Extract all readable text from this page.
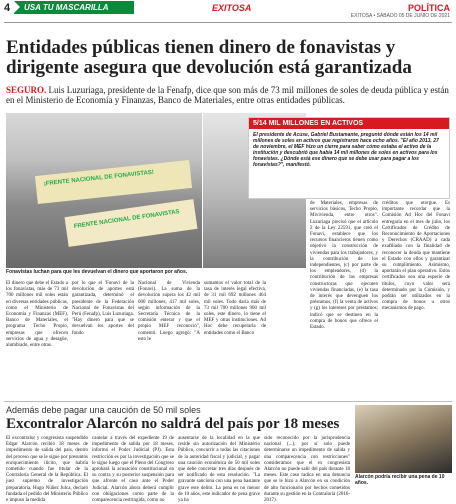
4	USA TU MASCARILLA	EXITOSA	POLÍTICA
EXITOSA • SÁBADO 05 DE JUNIO DE 2021
Entidades públicas tienen dinero de fonavistas y dirigente asegura que devolución está garantizada

SEGURO. Luis Luzuriaga, presidente de la Fenafp, dice que son más de 73 mil millones de soles de deuda pública y están en el Ministerio de Economía y Finanzas, Banco de Materiales, entre otras entidades públicas.

¡FRENTE NACIONAL DE FONAVISTAS!
FRENTE NACIONAL DE FONAVISTAS
Fonavistas luchan para que les devuelvan el dinero que aportaron por años.
5/14 MIL MILLONES EN ACTIVOS
El presidente de Acuse, Gabriel Bustamante, preguntó dónde están los 14 mil millones de soles en activos que registraron hace ocho años. "El año 2013, 27 de noviembre, el MEF hizo un cierre para saber cómo estaba el activo de la institución y descubrió que había 14 mil millones de soles en activos para los fonavistas. ¿Dónde está ese dinero que se debe usar para pagar a los fonavistas?", manifestó.
El dinero que debe el Estado a los fonavistas, más de 73 mil 700 millones mil soles están en diversas entidades públicas, como el Ministerio de Economía y Finanzas (MEF), Banco de Materiales, el programa Techo Propio, empresas que ofrecen servicios de agua y desagüe, alumbrado, entre otras.
por lo que el 'Fonavi de la devolución de aportes está garantizada, determinó el presidente de la Federación Nacional de Fonavistas del Perú (Fenafp), Luis Luzuriaga. "Hay dinero para que se devuelvan los aportes del fondo
Nacional de Vivienda (Fonavi). La suma de la devolución supera los 42 mil 000 millones; 417 mil soles, según información de la Secretaría Técnica de la comisión enterar y que el propio MEF reconoció", comentó. Luego agregó: "A esto le
sumamos el valor total de la tasa de interés legal efectiva, de 31 mil 692 millones 464 mil soles. Todo daría más de 73 mil 700 millones 900 mil soles, este dinero, lo tiene el MEF y otras instituciones. Ad Hoc debe recuperarla de entidades como el Banco
de Materiales, empresas de servicios básicos, Techo Propio, Mivivienda, entre otros". Luzuriaga precisó que el artículo 2 de la Ley 22591, que creó el Fonavi, establece que los recursos financieros tienen como objetivo la construcción de viviendas para los trabajadores, y la contribución de los independientes, (c) por parte de los empleadores, (d) la contribución de las empresas constructoras que ejecuten viviendas financiadas, (e) la tasa de interés que devenguen los préstamos, (f) la venta de activos y (g) los intereses por préstamos; indicó que se destinen en la compra de bonos que ofrece el Estado.
créditos que otorgue. Es importante recordar que la Comisión Ad Hoc del Fonavi entregaría en el mes de julio, los Certificados de Crédito de Reconocimiento de Aportaciones y Derechos (CRAAD) a cada exafiliado con la finalidad de reconocer la deuda que mantiene el Estado con ellos y garantizar su cumplimiento. Asimismo, aportarán el plan operativo. Estos certificados son una especie de títulos, cuyo valor será determinado por la Comisión, y podrán ser utilizados en la compra de bonos u otros mecanismos de pago.
Además debe pagar una caución de 50 mil soles
Excontralor Alarcón no saldrá del país por 18 meses
El excontralor y congresista suspendido Edgar Alarcón recibió 18 meses de impedimento de salida del país, dentro del proceso que se le sigue por presuntos enriquecimiento ilícito, que habría cometido cuando fue titular de la Contraloría General de la República. El juez supremo de investigación preparatoria, Hugo Núñez Julca, declaró fundada el pedido del Ministerio Público e impuso la medida
cautelar a través del expediente 19 de impedimento de salida por 18 meses, informó el Poder Judicial (PJ). Esta restricción es por la investigación que se le sigue luego que el Pleno del Congreso aprobará la acusación constitucional en su contra y su posterior suspensión para que afronte el caso ante el Poder Judicial. Alarcón ahora deberá cumplir con obligaciones como parte de la comparecencia restringida, como no
ausentarse de la localidad en la que reside sin autorización del Ministerio Público, concurrir a todas las citaciones de la autoridad fiscal y judicial, y pagar una caución económica de 50 mil soles que debe concretar tres días después de ser notificado de esta resolución. "La gravante sanciona con una pena bastante grave este delito. La pena es no menor de 10 años, este indicador de pena grave ya ha
sido reconocido por la jurisprudencia nacional (...), por sí solo puede determinarse un impedimento de salida y una comparecencia con restricciones" consideramos que el ex congresista Alarcón no puede salir del país durante 18 meses. Este caso radica en una denuncia que se le hizo a Alarcón en su condición de alto funcionario por hechos cometidos durante su gestión en la Contraloría (2016-2017).
Alarcón podría recibir una pena de 10 años.
